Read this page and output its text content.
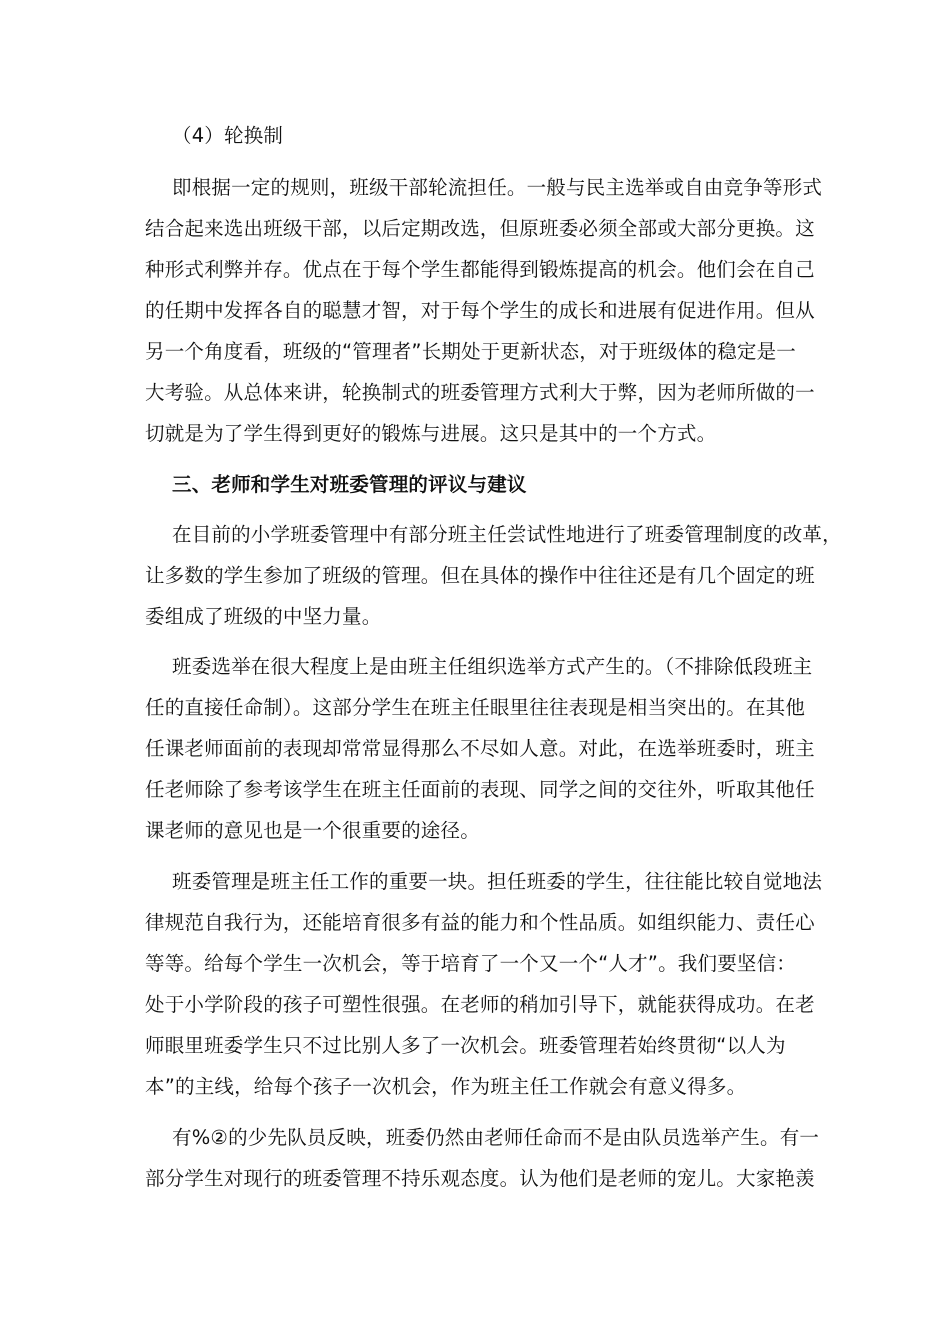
（4）轮换制
即根据一定的规则，班级干部轮流担任。一般与民主选举或自由竞争等形式
结合起来选出班级干部，以后定期改选，但原班委必须全部或大部分更换。这
种形式利弊并存。优点在于每个学生都能得到锻炼提高的机会。他们会在自己
的任期中发挥各自的聪慧才智，对于每个学生的成长和进展有促进作用。但从
另一个角度看，班级的“管理者”长期处于更新状态，对于班级体的稳定是一
大考验。从总体来讲，轮换制式的班委管理方式利大于弊，因为老师所做的一
切就是为了学生得到更好的锻炼与进展。这只是其中的一个方式。
三、老师和学生对班委管理的评议与建议
在目前的小学班委管理中有部分班主任尝试性地进行了班委管理制度的改革，
让多数的学生参加了班级的管理。但在具体的操作中往往还是有几个固定的班
委组成了班级的中坚力量。
班委选举在很大程度上是由班主任组织选举方式产生的。（不排除低段班主
任的直接任命制）。这部分学生在班主任眼里往往表现是相当突出的。在其他
任课老师面前的表现却常常显得那么不尽如人意。对此，在选举班委时，班主
任老师除了参考该学生在班主任面前的表现、同学之间的交往外，听取其他任
课老师的意见也是一个很重要的途径。
班委管理是班主任工作的重要一块。担任班委的学生，往往能比较自觉地法
律规范自我行为，还能培育很多有益的能力和个性品质。如组织能力、责任心
等等。给每个学生一次机会，等于培育了一个又一个“人才”。我们要坚信：
处于小学阶段的孩子可塑性很强。在老师的稍加引导下，就能获得成功。在老
师眼里班委学生只不过比别人多了一次机会。班委管理若始终贯彻“以人为
本”的主线，给每个孩子一次机会，作为班主任工作就会有意义得多。
有%②的少先队员反映，班委仍然由老师任命而不是由队员选举产生。有一
部分学生对现行的班委管理不持乐观态度。认为他们是老师的宠儿。大家艳羡
